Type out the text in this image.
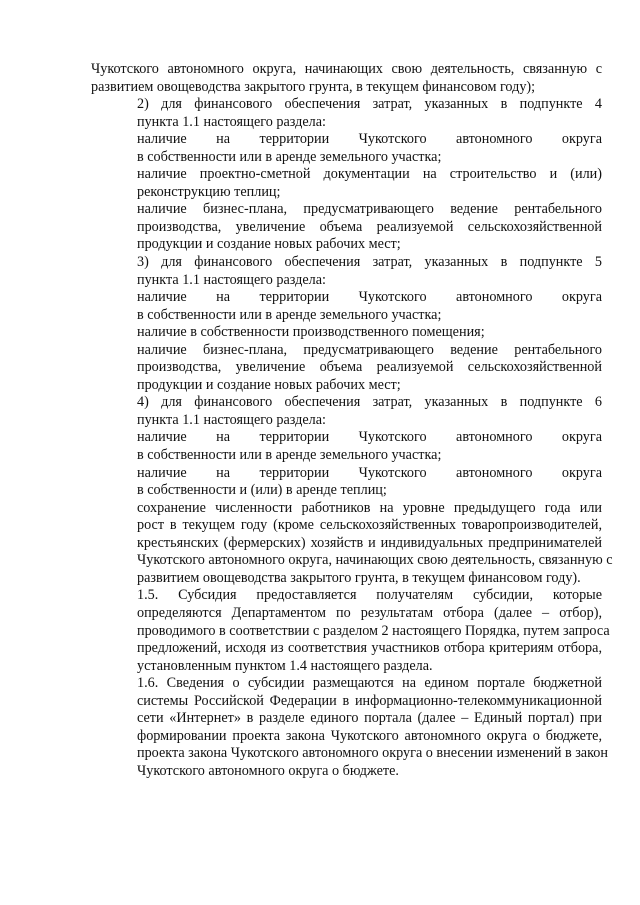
Чукотского автономного округа, начинающих свою деятельность, связанную с
развитием овощеводства закрытого грунта, в текущем финансовом году);
2) для финансового обеспечения затрат, указанных в подпункте 4
пункта 1.1 настоящего раздела:
наличие на территории Чукотского автономного округа
в собственности или в аренде земельного участка;
наличие проектно-сметной документации на строительство и (или)
реконструкцию теплиц;
наличие бизнес-плана, предусматривающего ведение рентабельного
производства, увеличение объема реализуемой сельскохозяйственной
продукции и создание новых рабочих мест;
3) для финансового обеспечения затрат, указанных в подпункте 5
пункта 1.1 настоящего раздела:
наличие на территории Чукотского автономного округа
в собственности или в аренде земельного участка;
наличие в собственности производственного помещения;
наличие бизнес-плана, предусматривающего ведение рентабельного
производства, увеличение объема реализуемой сельскохозяйственной
продукции и создание новых рабочих мест;
4) для финансового обеспечения затрат, указанных в подпункте 6
пункта 1.1 настоящего раздела:
наличие на территории Чукотского автономного округа
в собственности или в аренде земельного участка;
наличие на территории Чукотского автономного округа
в собственности и (или) в аренде теплиц;
сохранение численности работников на уровне предыдущего года или
рост в текущем году (кроме сельскохозяйственных товаропроизводителей,
крестьянских (фермерских) хозяйств и индивидуальных предпринимателей
Чукотского автономного округа, начинающих свою деятельность, связанную с
развитием овощеводства закрытого грунта, в текущем финансовом году).
1.5. Субсидия предоставляется получателям субсидии, которые
определяются Департаментом по результатам отбора (далее – отбор),
проводимого в соответствии с разделом 2 настоящего Порядка, путем запроса
предложений, исходя из соответствия участников отбора критериям отбора,
установленным пунктом 1.4 настоящего раздела.
1.6. Сведения о субсидии размещаются на едином портале бюджетной
системы Российской Федерации в информационно-телекоммуникационной
сети «Интернет» в разделе единого портала (далее – Единый портал) при
формировании проекта закона Чукотского автономного округа о бюджете,
проекта закона Чукотского автономного округа о внесении изменений в закон
Чукотского автономного округа о бюджете.
